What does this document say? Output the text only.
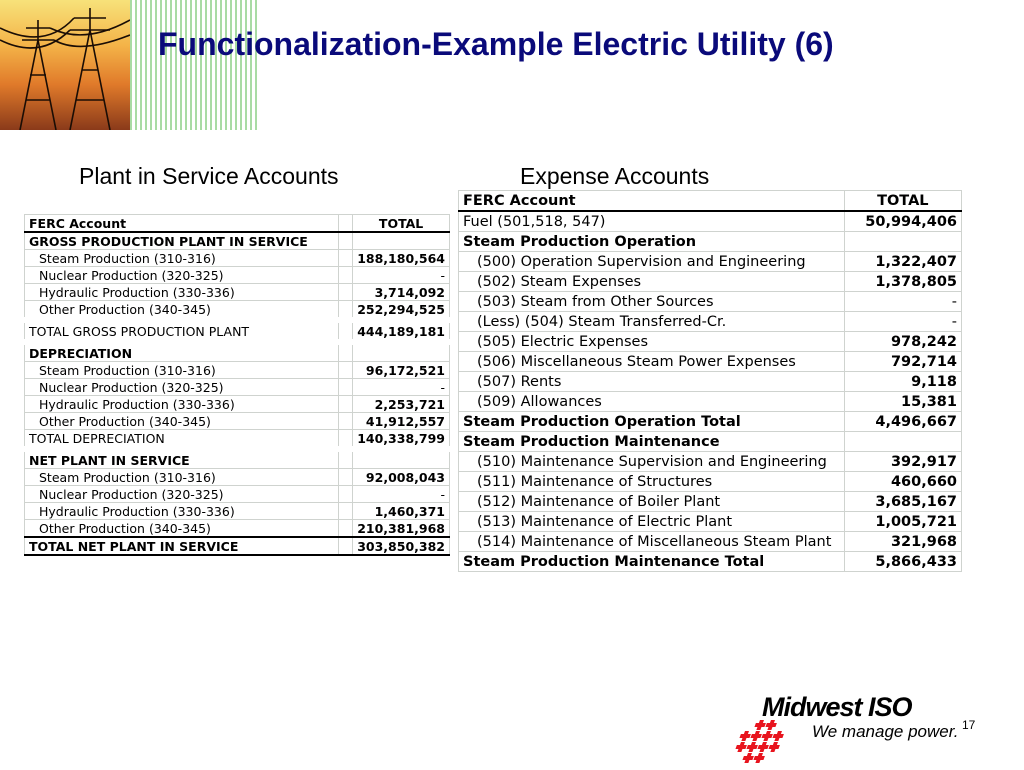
Functionalization-Example Electric Utility (6)
Plant in Service Accounts	Expense Accounts
FERC Account		TOTAL
GROSS PRODUCTION PLANT IN SERVICE		
Steam Production (310-316)		188,180,564
Nuclear Production (320-325)		-
Hydraulic Production (330-336)		3,714,092
Other Production (340-345)		252,294,525
TOTAL GROSS PRODUCTION PLANT		444,189,181
DEPRECIATION		
Steam Production (310-316)		96,172,521
Nuclear Production (320-325)		-
Hydraulic Production (330-336)		2,253,721
Other Production (340-345)		41,912,557
TOTAL DEPRECIATION		140,338,799
NET PLANT IN SERVICE		
Steam Production (310-316)		92,008,043
Nuclear Production (320-325)		-
Hydraulic Production (330-336)		1,460,371
Other Production (340-345)		210,381,968
TOTAL NET PLANT IN SERVICE		303,850,382
FERC Account	TOTAL
Fuel (501,518, 547)	50,994,406
Steam Production Operation	
(500) Operation Supervision and Engineering	1,322,407
(502) Steam Expenses	1,378,805
(503) Steam from Other Sources	-
(Less) (504) Steam Transferred-Cr.	-
(505) Electric Expenses	978,242
(506) Miscellaneous Steam Power Expenses	792,714
(507) Rents	9,118
(509) Allowances	15,381
Steam Production Operation Total	4,496,667
Steam Production Maintenance	
(510) Maintenance Supervision and Engineering	392,917
(511) Maintenance of Structures	460,660
(512) Maintenance of Boiler Plant	3,685,167
(513) Maintenance of Electric Plant	1,005,721
(514) Maintenance of Miscellaneous Steam Plant	321,968
Steam Production Maintenance Total	5,866,433
Midwest ISO
We manage power. 17
